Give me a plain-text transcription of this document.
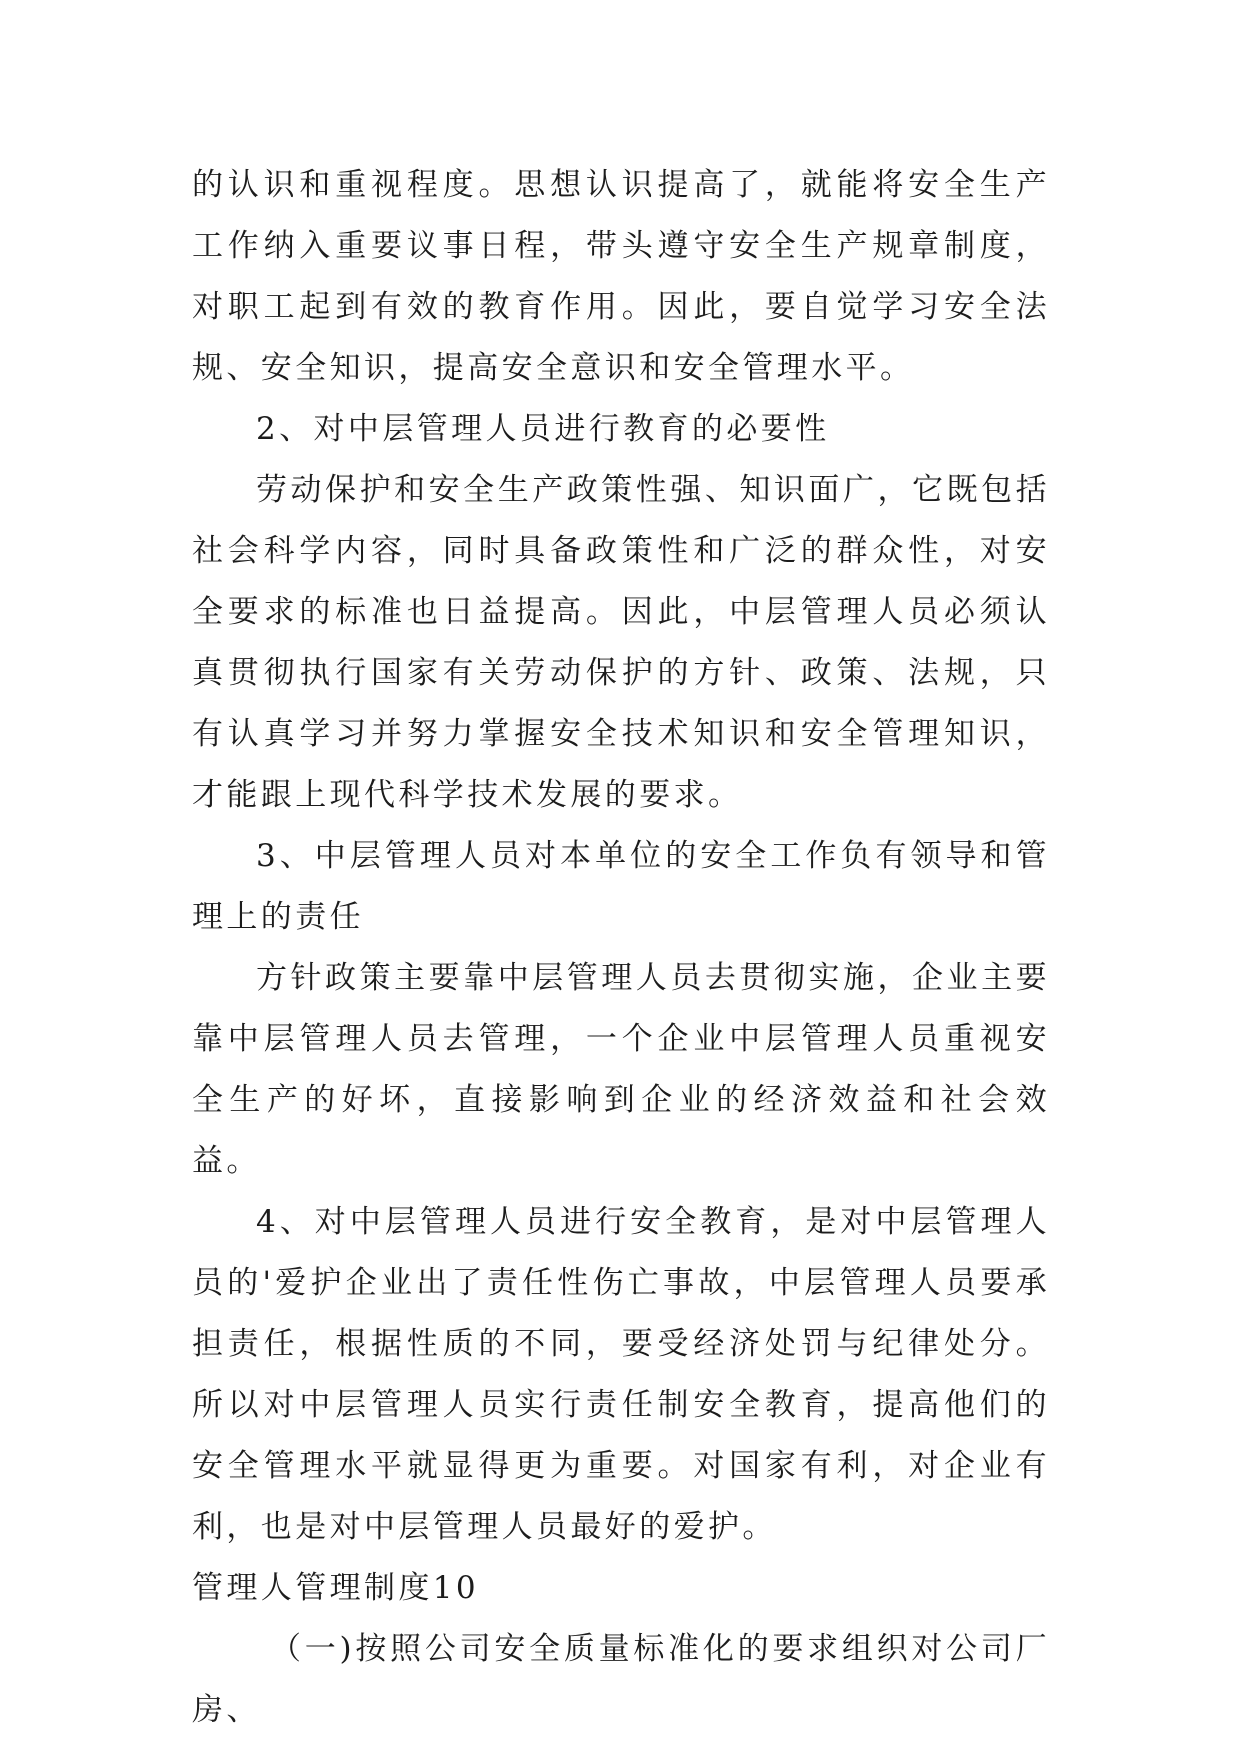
的认识和重视程度。思想认识提高了，就能将安全生产工作纳入重要议事日程，带头遵守安全生产规章制度，对职工起到有效的教育作用。因此，要自觉学习安全法规、安全知识，提高安全意识和安全管理水平。

2、对中层管理人员进行教育的必要性

劳动保护和安全生产政策性强、知识面广，它既包括社会科学内容，同时具备政策性和广泛的群众性，对安全要求的标准也日益提高。因此，中层管理人员必须认真贯彻执行国家有关劳动保护的方针、政策、法规，只有认真学习并努力掌握安全技术知识和安全管理知识，才能跟上现代科学技术发展的要求。

3、中层管理人员对本单位的安全工作负有领导和管理上的责任

方针政策主要靠中层管理人员去贯彻实施，企业主要靠中层管理人员去管理，一个企业中层管理人员重视安全生产的好坏，直接影响到企业的经济效益和社会效益。

4、对中层管理人员进行安全教育，是对中层管理人员的'爱护企业出了责任性伤亡事故，中层管理人员要承担责任，根据性质的不同，要受经济处罚与纪律处分。所以对中层管理人员实行责任制安全教育，提高他们的安全管理水平就显得更为重要。对国家有利，对企业有利，也是对中层管理人员最好的爱护。

管理人管理制度10

（一)按照公司安全质量标准化的要求组织对公司厂房、
